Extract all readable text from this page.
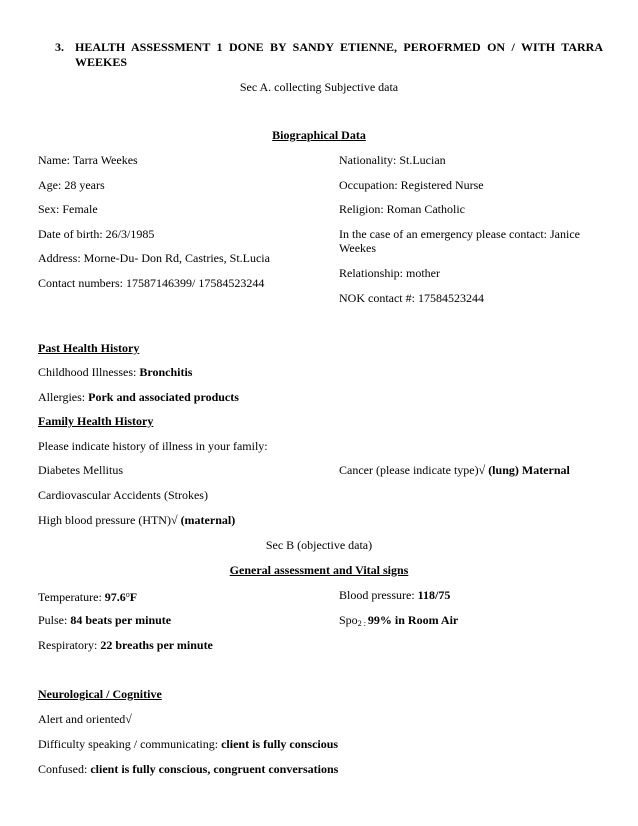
3. HEALTH ASSESSMENT 1 DONE BY SANDY ETIENNE, PEROFRMED ON / WITH TARRA WEEKES
Sec A. collecting Subjective data
Biographical Data
Name: Tarra Weekes
Age: 28 years
Sex: Female
Date of birth: 26/3/1985
Address: Morne-Du- Don Rd, Castries, St.Lucia
Contact numbers: 17587146399/ 17584523244
Nationality: St.Lucian
Occupation: Registered Nurse
Religion: Roman Catholic
In the case of an emergency please contact: Janice Weekes
Relationship: mother
NOK contact #: 17584523244
Past Health History
Childhood Illnesses: Bronchitis
Allergies: Pork and associated products
Family Health History
Please indicate history of illness in your family:
Diabetes Mellitus	Cancer (please indicate type)√ (lung) Maternal
Cardiovascular Accidents (Strokes)
High blood pressure (HTN)√ (maternal)
Sec B (objective data)
General assessment and Vital signs
Temperature: 97.6$^o$F	Blood pressure: 118/75
Pulse: 84 beats per minute	Spo$_2$ $_:$ 99% in Room Air
Respiratory: 22 breaths per minute
Neurological / Cognitive
Alert and oriented√
Difficulty speaking / communicating: client is fully conscious
Confused: client is fully conscious, congruent conversations
